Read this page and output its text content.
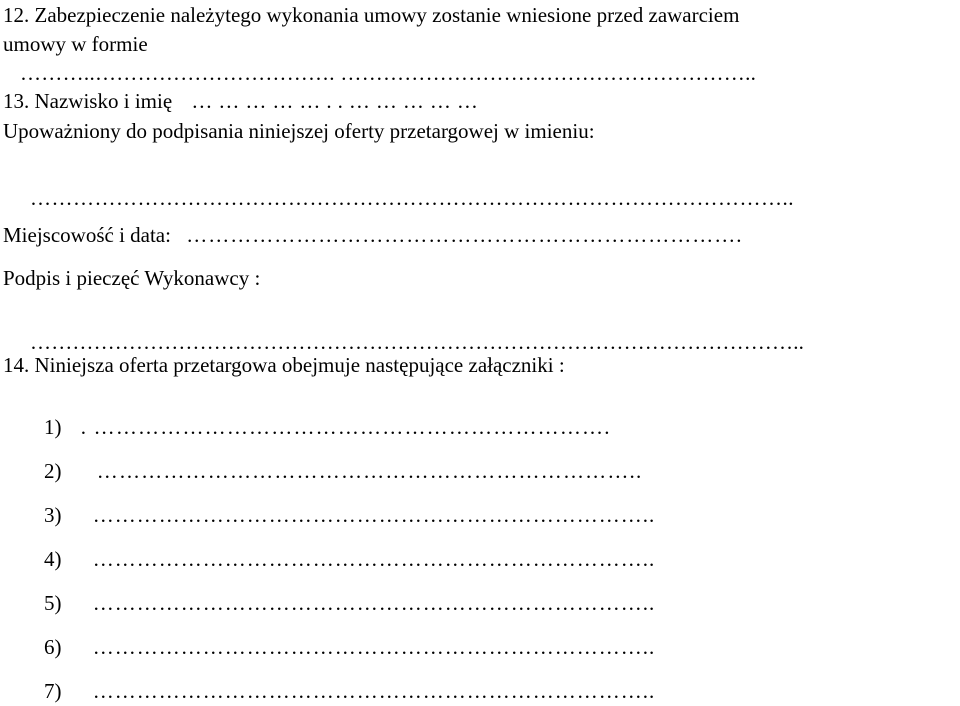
12. Zabezpieczenie należytego wykonania umowy zostanie wniesione przed zawarciem
umowy w formie
………..……………………………. …………………………………………………..
13. Nazwisko i imię ……………..……………
Upoważniony do podpisania niniejszej oferty przetargowej w imieniu:
……………………………………………………………………………………………..
Miejscowość i data: ………………………………………………………………….
Podpis i pieczęć Wykonawcy :
………………………………………………………………………………………………..
14. Niniejsza oferta przetargowa obejmuje następujące załączniki :
1) . …………………………………………………………….
2) ………………………………………………………………..
3) …………………………………………………………………..
4) …………………………………………………………………..
5) …………………………………………………………………..
6) …………………………………………………………………..
7) …………………………………………………………………..
